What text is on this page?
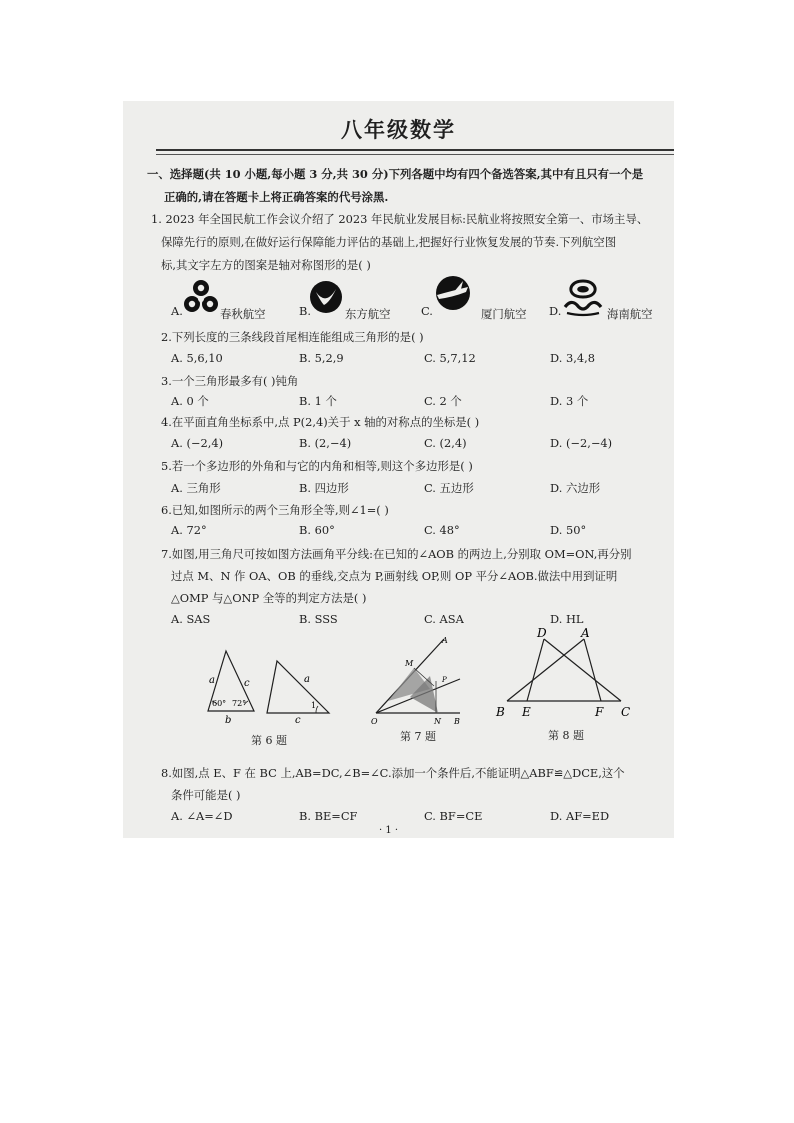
八年级数学
一、选择题(共 10 小题,每小题 3 分,共 30 分)下列各题中均有四个备选答案,其中有且只有一个是
正确的,请在答题卡上将正确答案的代号涂黑.
1. 2023 年全国民航工作会议介绍了 2023 年民航业发展目标:民航业将按照安全第一、市场主导、
保障先行的原则,在做好运行保障能力评估的基础上,把握好行业恢复发展的节奏.下列航空图
标,其文字左方的图案是轴对称图形的是( )
A.	春秋航空	B.	东方航空	C.	厦门航空 D.	海南航空
2.下列长度的三条线段首尾相连能组成三角形的是( )
A. 5,6,10	B. 5,2,9	C. 5,7,12	D. 3,4,8
3.一个三角形最多有( )钝角
A. 0 个	B. 1 个	C. 2 个	D. 3 个
4.在平面直角坐标系中,点 P(2,4)关于 x 轴的对称点的坐标是( )
A. (−2,4)	B. (2,−4)	C. (2,4)	D. (−2,−4)
5.若一个多边形的外角和与它的内角和相等,则这个多边形是( )
A. 三角形	B. 四边形	C. 五边形	D. 六边形
6.已知,如图所示的两个三角形全等,则∠1=( )
A. 72°	B. 60°	C. 48°	D. 50°
7.如图,用三角尺可按如图方法画角平分线:在已知的∠AOB 的两边上,分别取 OM=ON,再分别
过点 M、N 作 OA、OB 的垂线,交点为 P,画射线 OP,则 OP 平分∠AOB.做法中用到证明
△OMP 与△ONP 全等的判定方法是( )
A. SAS	B. SSS	C. ASA	D. HL
a	c
60° 72°
b
a
c
1
第 6 题
A
M
P
O	N B
第 7 题
D	A
B E	F C
第 8 题
8.如图,点 E、F 在 BC 上,AB=DC,∠B=∠C.添加一个条件后,不能证明△ABF≌△DCE,这个
条件可能是( )
A. ∠A=∠D	B. BE=CF	C. BF=CE	D. AF=ED
· 1 ·
